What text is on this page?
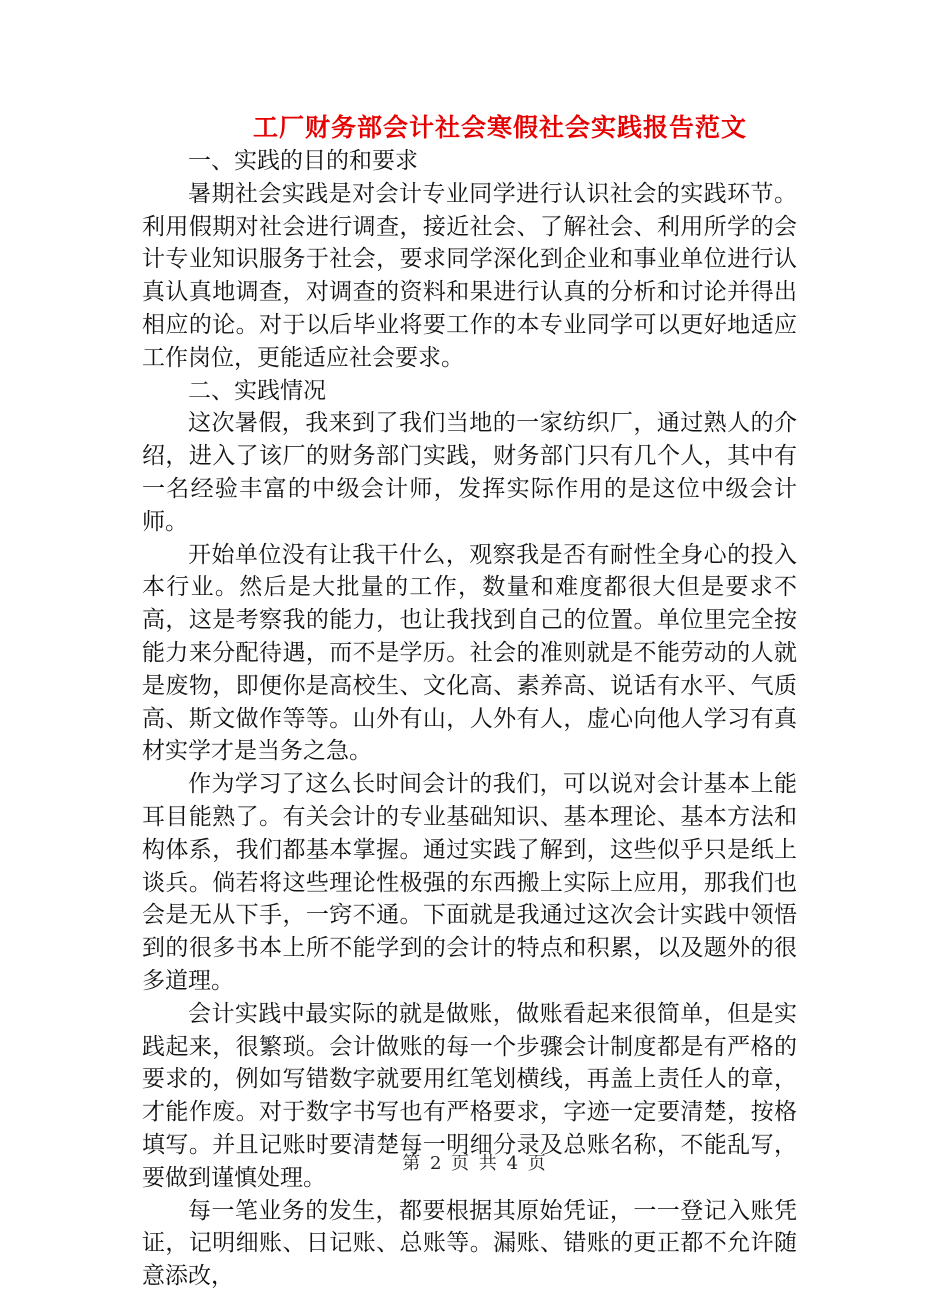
工厂财务部会计社会寒假社会实践报告范文

一、实践的目的和要求

暑期社会实践是对会计专业同学进行认识社会的实践环节。利用假期对社会进行调查，接近社会、了解社会、利用所学的会计专业知识服务于社会，要求同学深化到企业和事业单位进行认真认真地调查，对调查的资料和果进行认真的分析和讨论并得出相应的论。对于以后毕业将要工作的本专业同学可以更好地适应工作岗位，更能适应社会要求。

二、实践情况

这次暑假，我来到了我们当地的一家纺织厂，通过熟人的介绍，进入了该厂的财务部门实践，财务部门只有几个人，其中有一名经验丰富的中级会计师，发挥实际作用的是这位中级会计师。

开始单位没有让我干什么，观察我是否有耐性全身心的投入本行业。然后是大批量的工作，数量和难度都很大但是要求不高，这是考察我的能力，也让我找到自己的位置。单位里完全按能力来分配待遇，而不是学历。社会的准则就是不能劳动的人就是废物，即便你是高校生、文化高、素养高、说话有水平、气质高、斯文做作等等。山外有山，人外有人，虚心向他人学习有真材实学才是当务之急。

作为学习了这么长时间会计的我们，可以说对会计基本上能耳目能熟了。有关会计的专业基础知识、基本理论、基本方法和构体系，我们都基本掌握。通过实践了解到，这些似乎只是纸上谈兵。倘若将这些理论性极强的东西搬上实际上应用，那我们也会是无从下手，一窍不通。下面就是我通过这次会计实践中领悟到的很多书本上所不能学到的会计的特点和积累，以及题外的很多道理。

会计实践中最实际的就是做账，做账看起来很简单，但是实践起来，很繁琐。会计做账的每一个步骤会计制度都是有严格的要求的，例如写错数字就要用红笔划横线，再盖上责任人的章，才能作废。对于数字书写也有严格要求，字迹一定要清楚，按格填写。并且记账时要清楚每一明细分录及总账名称，不能乱写，要做到谨慎处理。

每一笔业务的发生，都要根据其原始凭证，一一登记入账凭证，记明细账、日记账、总账等。漏账、错账的更正都不允许随意添改，

第 2 页 共 4 页
